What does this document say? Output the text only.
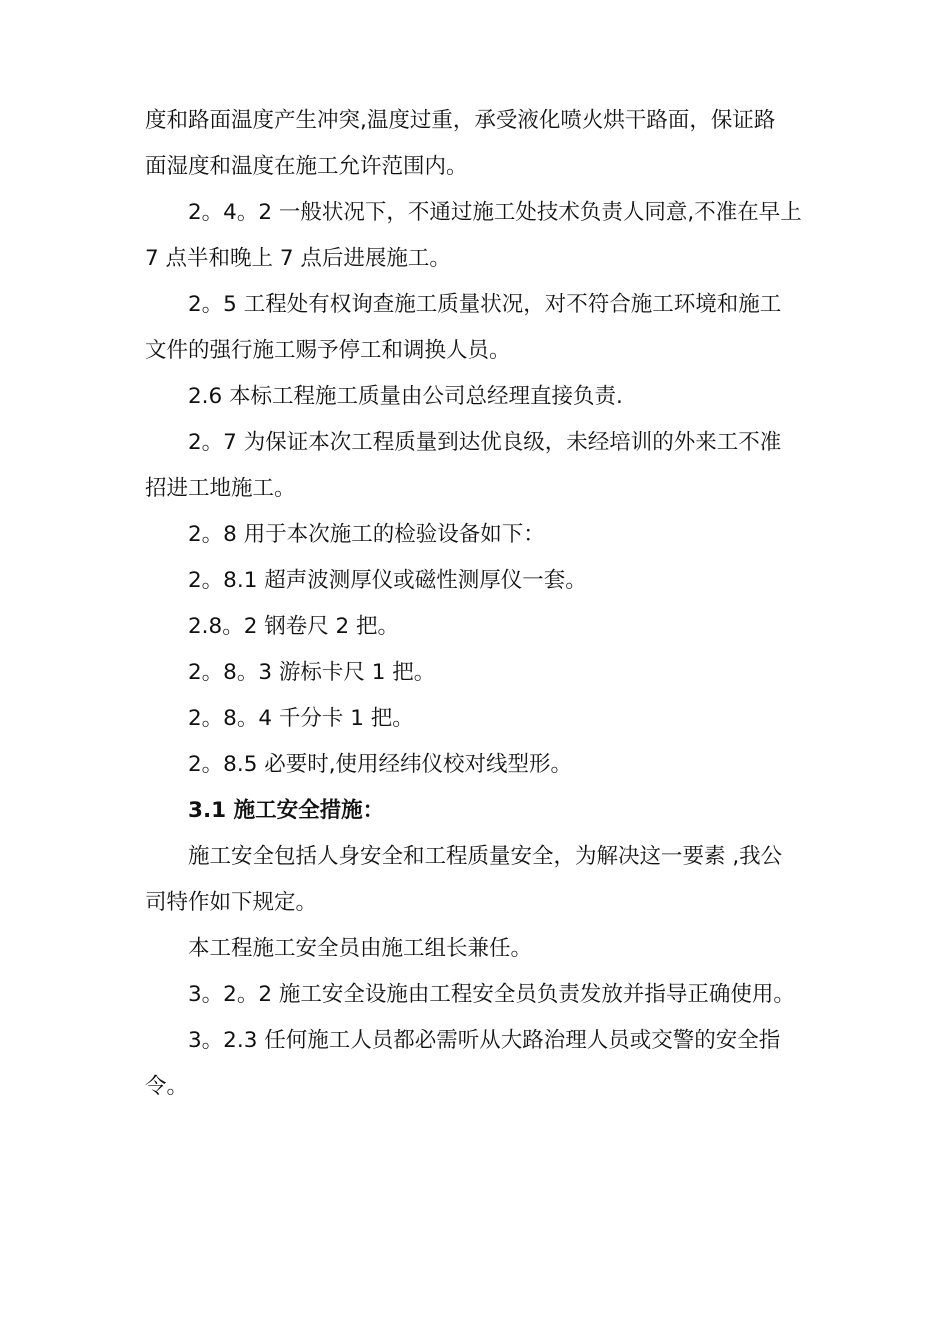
度和路面温度产生冲突,温度过重，承受液化喷火烘干路面，保证路
面湿度和温度在施工允许范围内。

2。4。2 一般状况下，不通过施工处技术负责人同意,不准在早上
7 点半和晚上 7 点后进展施工。

2。5 工程处有权询查施工质量状况，对不符合施工环境和施工
文件的强行施工赐予停工和调换人员。

2.6 本标工程施工质量由公司总经理直接负责.

2。7 为保证本次工程质量到达优良级，未经培训的外来工不准
招进工地施工。

2。8 用于本次施工的检验设备如下：

2。8.1 超声波测厚仪或磁性测厚仪一套。

2.8。2 钢卷尺 2 把。

2。8。3 游标卡尺 1 把。

2。8。4 千分卡 1 把。

2。8.5 必要时,使用经纬仪校对线型形。

3.1 施工安全措施：

施工安全包括人身安全和工程质量安全，为解决这一要素 ,我公
司特作如下规定。

本工程施工安全员由施工组长兼任。

3。2。2 施工安全设施由工程安全员负责发放并指导正确使用。

3。2.3 任何施工人员都必需听从大路治理人员或交警的安全指
令。
